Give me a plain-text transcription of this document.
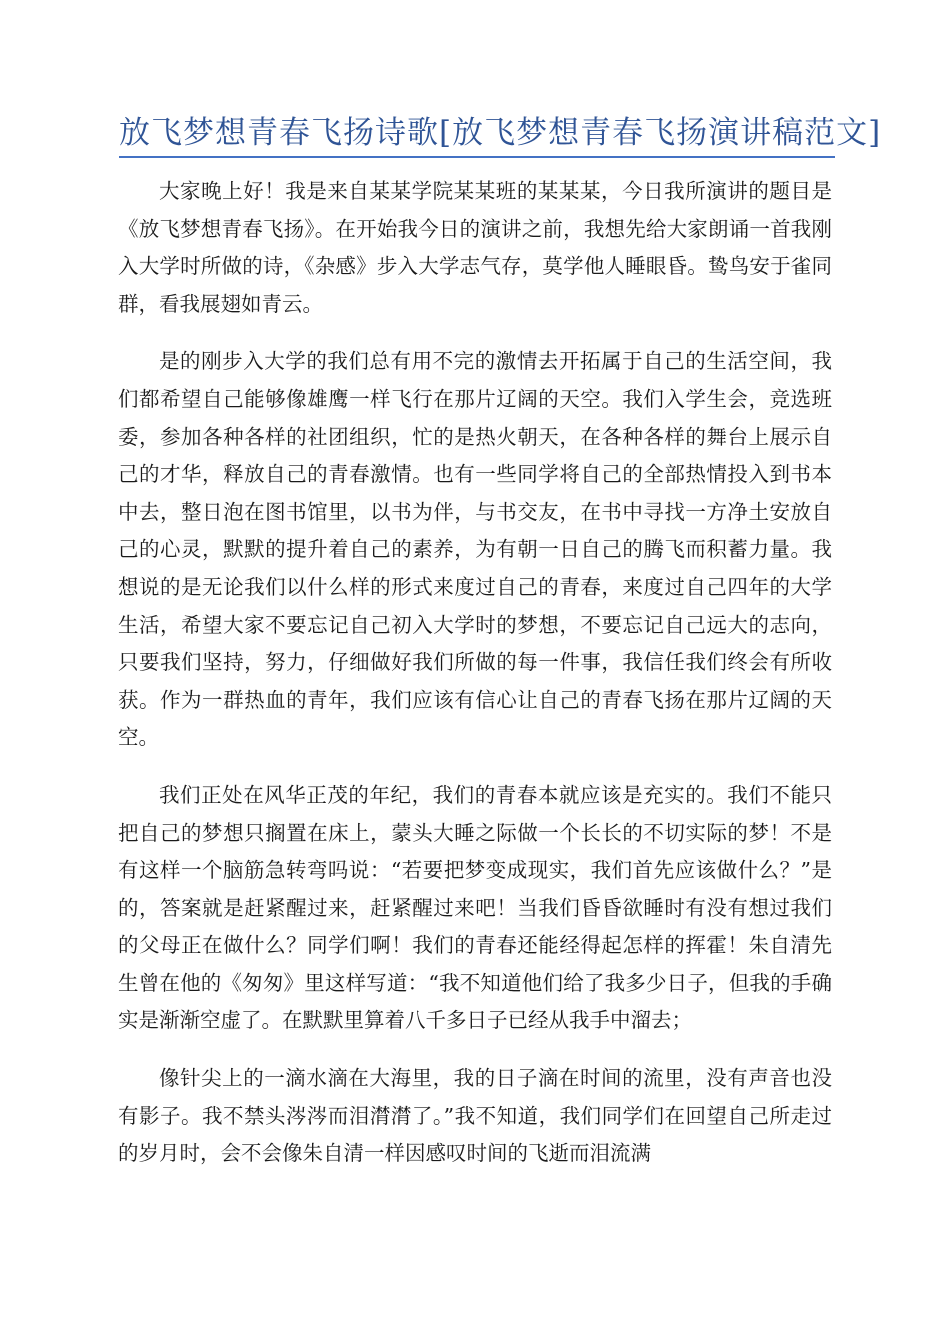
放飞梦想青春飞扬诗歌[放飞梦想青春飞扬演讲稿范文]

大家晚上好！我是来自某某学院某某班的某某某，今日我所演讲的题目是《放飞梦想青春飞扬》。在开始我今日的演讲之前，我想先给大家朗诵一首我刚入大学时所做的诗，《杂感》步入大学志气存，莫学他人睡眼昏。鸷鸟安于雀同群，看我展翅如青云。

是的刚步入大学的我们总有用不完的激情去开拓属于自己的生活空间，我们都希望自己能够像雄鹰一样飞行在那片辽阔的天空。我们入学生会，竞选班委，参加各种各样的社团组织，忙的是热火朝天，在各种各样的舞台上展示自己的才华，释放自己的青春激情。也有一些同学将自己的全部热情投入到书本中去，整日泡在图书馆里，以书为伴，与书交友，在书中寻找一方净土安放自己的心灵，默默的提升着自己的素养，为有朝一日自己的腾飞而积蓄力量。我想说的是无论我们以什么样的形式来度过自己的青春，来度过自己四年的大学生活，希望大家不要忘记自己初入大学时的梦想，不要忘记自己远大的志向，只要我们坚持，努力，仔细做好我们所做的每一件事，我信任我们终会有所收获。作为一群热血的青年，我们应该有信心让自己的青春飞扬在那片辽阔的天空。

我们正处在风华正茂的年纪，我们的青春本就应该是充实的。我们不能只把自己的梦想只搁置在床上，蒙头大睡之际做一个长长的不切实际的梦！不是有这样一个脑筋急转弯吗说：“若要把梦变成现实，我们首先应该做什么？”是的，答案就是赶紧醒过来，赶紧醒过来吧！当我们昏昏欲睡时有没有想过我们的父母正在做什么？同学们啊！我们的青春还能经得起怎样的挥霍！朱自清先生曾在他的《匆匆》里这样写道：“我不知道他们给了我多少日子，但我的手确实是渐渐空虚了。在默默里算着八千多日子已经从我手中溜去；

像针尖上的一滴水滴在大海里，我的日子滴在时间的流里，没有声音也没有影子。我不禁头涔涔而泪潸潸了。”我不知道，我们同学们在回望自己所走过的岁月时，会不会像朱自清一样因感叹时间的飞逝而泪流满
